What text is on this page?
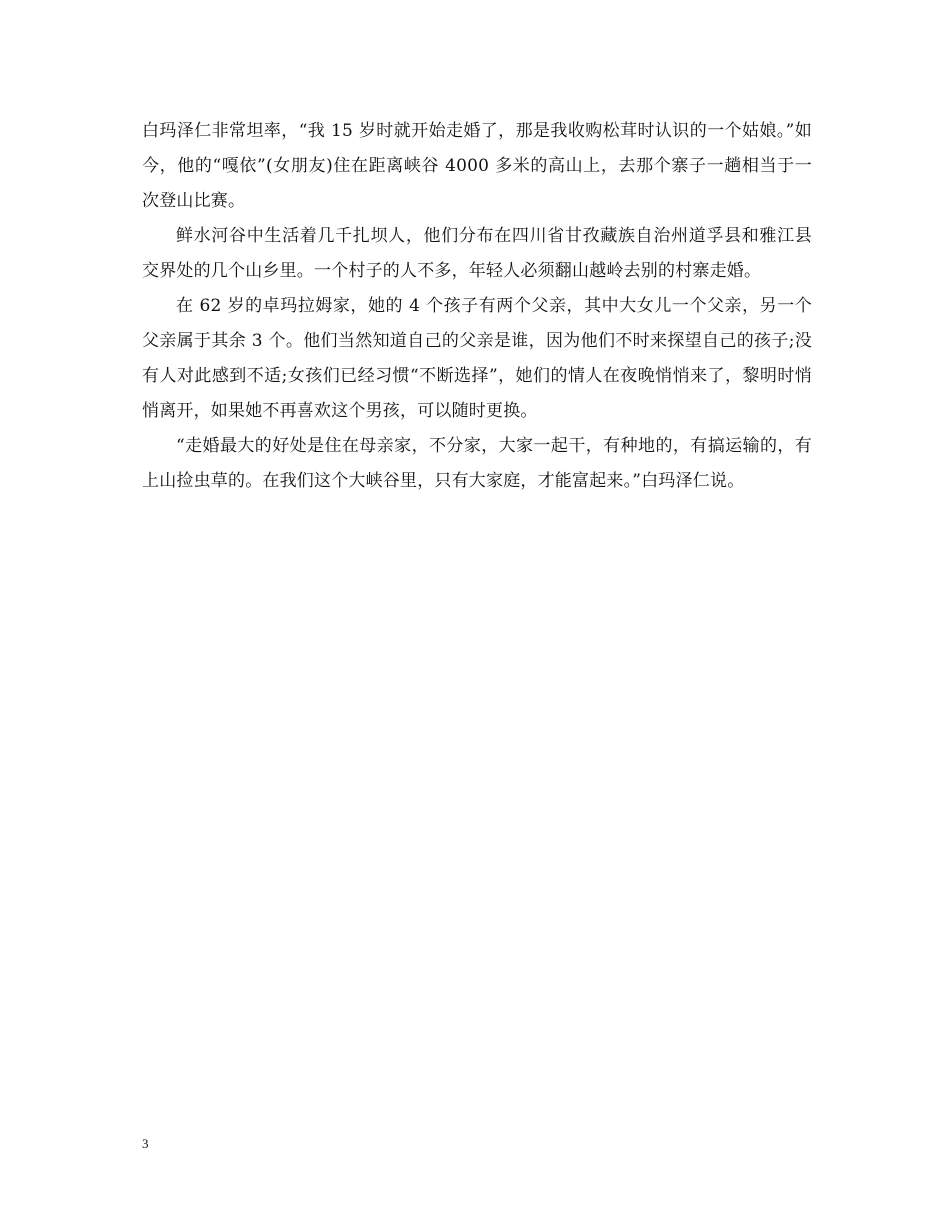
白玛泽仁非常坦率，“我 15 岁时就开始走婚了，那是我收购松茸时认识的一个姑娘。”如今，他的“嘎依”(女朋友)住在距离峡谷 4000 多米的高山上，去那个寨子一趟相当于一次登山比赛。

鲜水河谷中生活着几千扎坝人，他们分布在四川省甘孜藏族自治州道孚县和雅江县交界处的几个山乡里。一个村子的人不多，年轻人必须翻山越岭去别的村寨走婚。

在 62 岁的卓玛拉姆家，她的 4 个孩子有两个父亲，其中大女儿一个父亲，另一个父亲属于其余 3 个。他们当然知道自己的父亲是谁，因为他们不时来探望自己的孩子;没有人对此感到不适;女孩们已经习惯“不断选择”，她们的情人在夜晚悄悄来了，黎明时悄悄离开，如果她不再喜欢这个男孩，可以随时更换。

“走婚最大的好处是住在母亲家，不分家，大家一起干，有种地的，有搞运输的，有上山捡虫草的。在我们这个大峡谷里，只有大家庭，才能富起来。”白玛泽仁说。

3
